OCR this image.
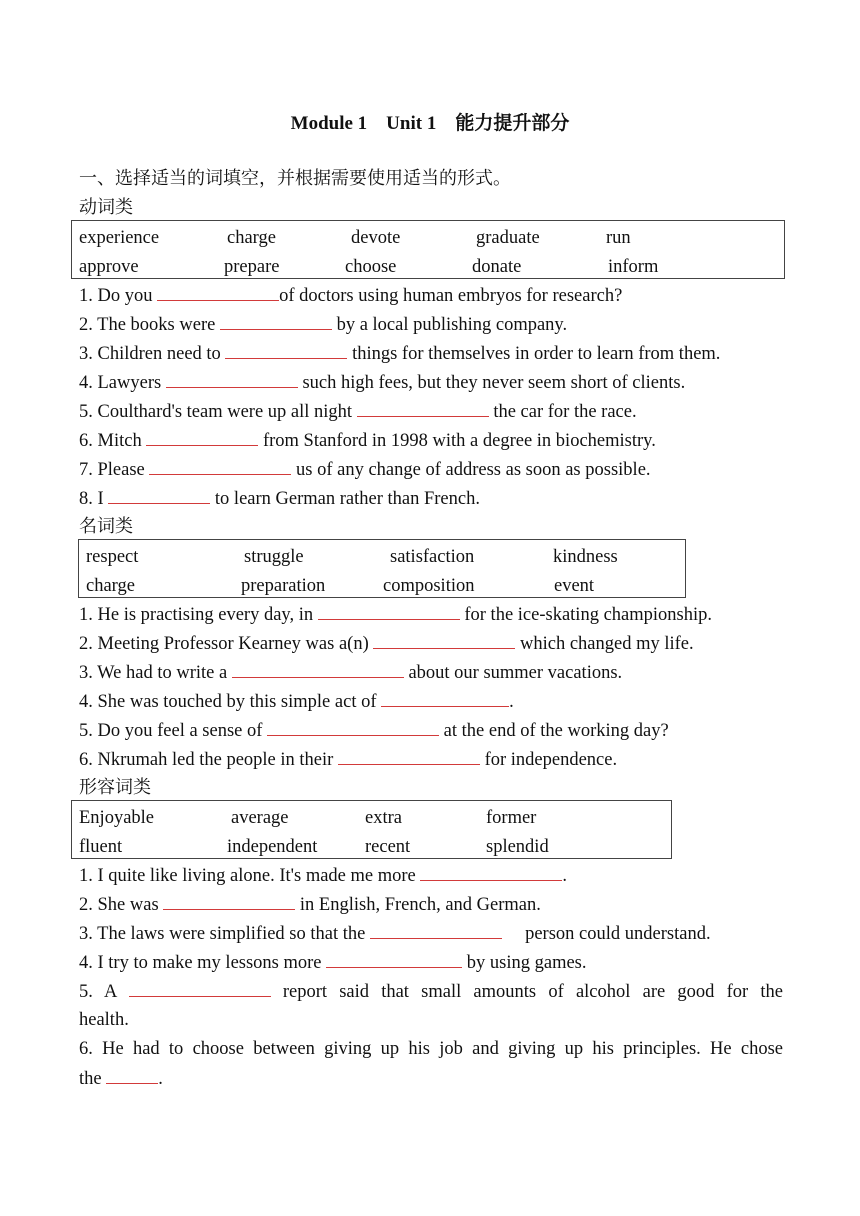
Module 1    Unit 1    能力提升部分
一、选择适当的词填空，并根据需要使用适当的形式。
动词类
experience	charge	devote	graduate	run
approve	prepare	choose	donate	inform
1. Do you	of doctors using human embryos for research?
2. The books were	by a local publishing company.
3. Children need to	things for themselves in order to learn from them.
4. Lawyers	such high fees, but they never seem short of clients.
5. Coulthard's team were up all night	the car for the race.
6. Mitch	from Stanford in 1998 with a degree in biochemistry.
7. Please	us of any change of address as soon as possible.
8. I	to learn German rather than French.
名词类
respect	struggle	satisfaction	kindness
charge	preparation	composition	event
1. He is practising every day, in	for the ice-skating championship.
2. Meeting Professor Kearney was a(n)	which changed my life.
3. We had to write a	about our summer vacations.
4. She was touched by this simple act of	.
5. Do you feel a sense of	at the end of the working day?
6. Nkrumah led the people in their	for independence.
形容词类
Enjoyable	average	extra	former
fluent	independent	recent	splendid
1. I quite like living alone. It's made me more	.
2. She was	in English, French, and German.
3. The laws were simplified so that the	person could understand.
4. I try to make my lessons more	by using games.
5. A	report said that small amounts of alcohol are good for the
health.
6. He had to choose between giving up his job and giving up his principles. He chose
the	.
